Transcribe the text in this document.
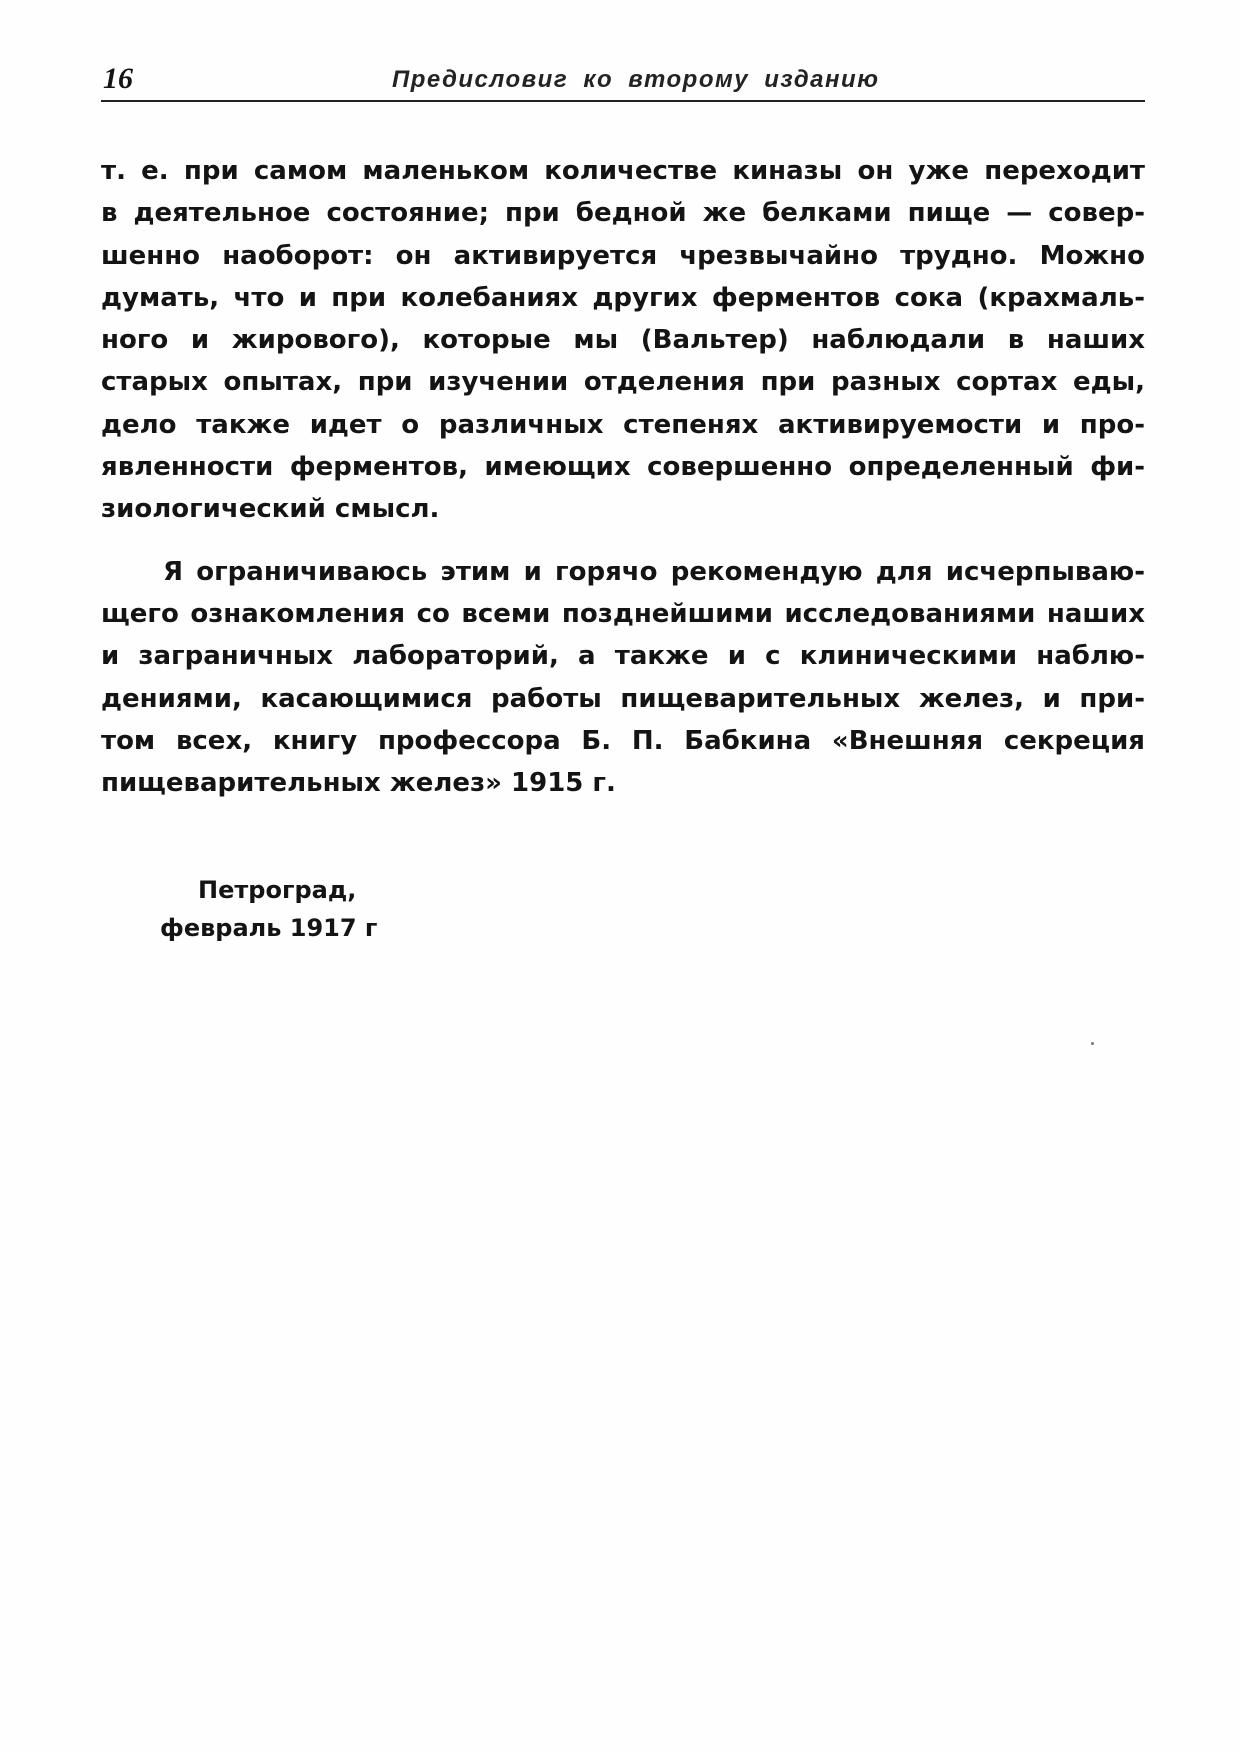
16	Предисловиг ко второму изданию
т. е. при самом маленьком количестве киназы он уже переходит
в деятельное состояние; при бедной же белками пище — совер-
шенно наоборот: он активируется чрезвычайно трудно. Можно
думать, что и при колебаниях других ферментов сока (крахмаль-
ного и жирового), которые мы (Вальтер) наблюдали в наших
старых опытах, при изучении отделения при разных сортах еды,
дело также идет о различных степенях активируемости и про-
явленности ферментов, имеющих совершенно определенный фи-
зиологический смысл.
Я ограничиваюсь этим и горячо рекомендую для исчерпываю-
щего ознакомления со всеми позднейшими исследованиями наших
и заграничных лабораторий, а также и с клиническими наблю-
дениями, касающимися работы пищеварительных желез, и при-
том всех, книгу профессора Б. П. Бабкина «Внешняя секреция
пищеварительных желез» 1915 г.
Петроград,
февраль 1917 г
